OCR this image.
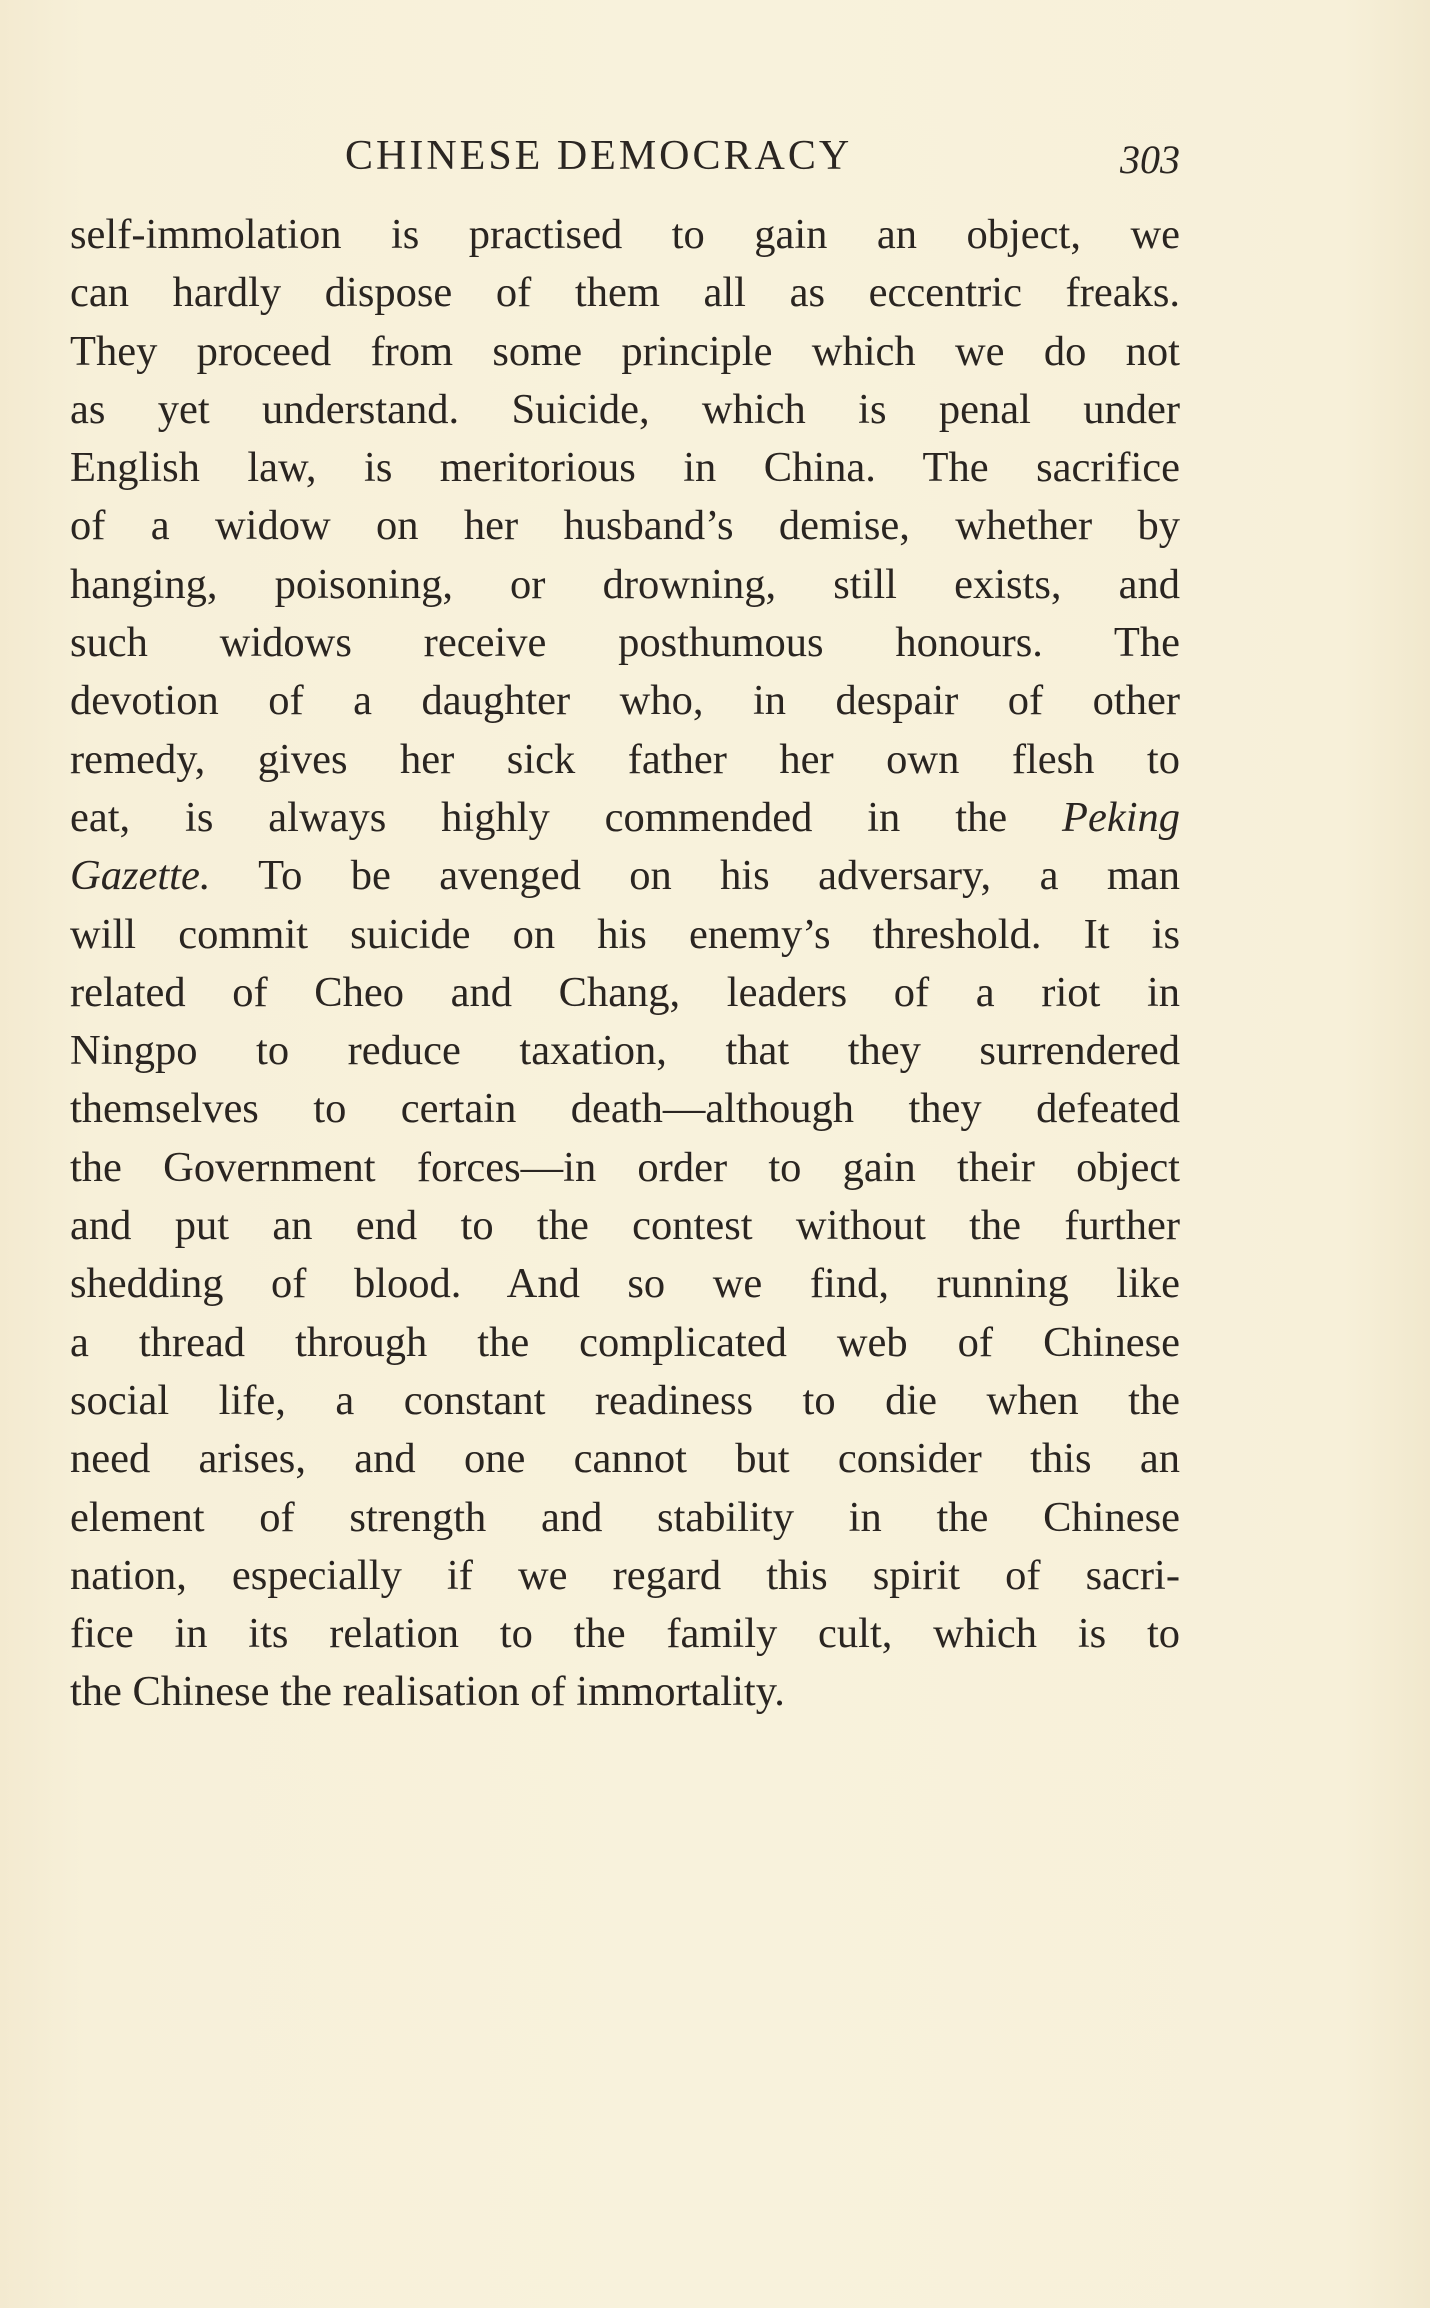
CHINESE DEMOCRACY	303
self-immolation is practised to gain an object, we
can hardly dispose of them all as eccentric freaks.
They proceed from some principle which we do not
as yet understand. Suicide, which is penal under
English law, is meritorious in China. The sacrifice
of a widow on her husband’s demise, whether by
hanging, poisoning, or drowning, still exists, and
such widows receive posthumous honours. The
devotion of a daughter who, in despair of other
remedy, gives her sick father her own flesh to
eat, is always highly commended in the Peking
Gazette. To be avenged on his adversary, a man
will commit suicide on his enemy’s threshold. It is
related of Cheo and Chang, leaders of a riot in
Ningpo to reduce taxation, that they surrendered
themselves to certain death—although they defeated
the Government forces—in order to gain their object
and put an end to the contest without the further
shedding of blood. And so we find, running like
a thread through the complicated web of Chinese
social life, a constant readiness to die when the
need arises, and one cannot but consider this an
element of strength and stability in the Chinese
nation, especially if we regard this spirit of sacri-
fice in its relation to the family cult, which is to
the Chinese the realisation of immortality.
